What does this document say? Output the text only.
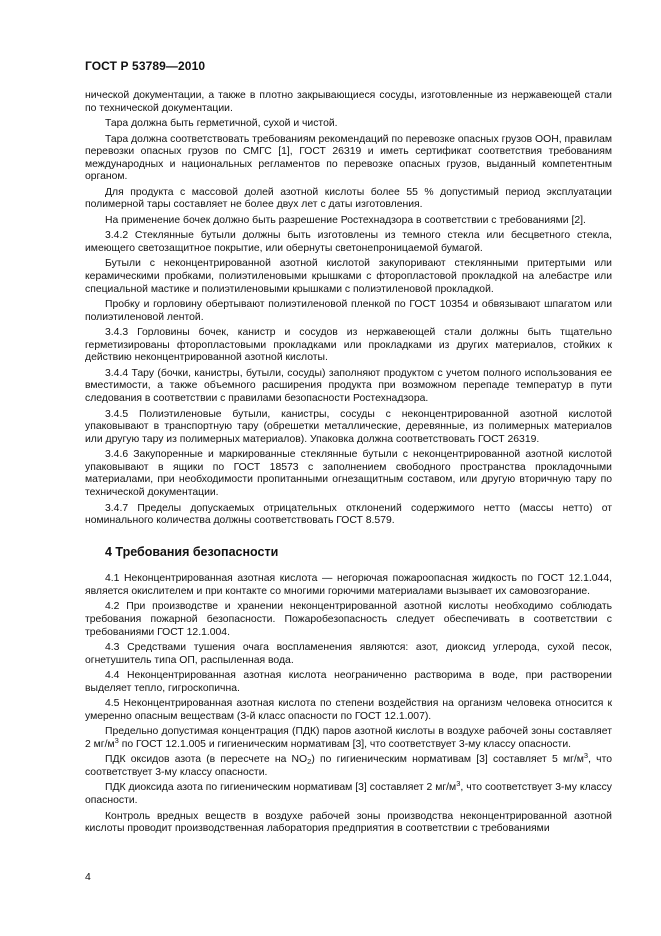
ГОСТ Р 53789—2010

нической документации, а также в плотно закрывающиеся сосуды, изготовленные из нержавеющей стали по технической документации.

Тара должна быть герметичной, сухой и чистой.

Тара должна соответствовать требованиям рекомендаций по перевозке опасных грузов ООН, правилам перевозки опасных грузов по СМГС [1], ГОСТ 26319 и иметь сертификат соответствия требованиям международных и национальных регламентов по перевозке опасных грузов, выданный компетентным органом.

Для продукта с массовой долей азотной кислоты более 55 % допустимый период эксплуатации полимерной тары составляет не более двух лет с даты изготовления.

На применение бочек должно быть разрешение Ростехнадзора в соответствии с требованиями [2].

3.4.2 Стеклянные бутыли должны быть изготовлены из темного стекла или бесцветного стекла, имеющего светозащитное покрытие, или обернуты светонепроницаемой бумагой.

Бутыли с неконцентрированной азотной кислотой закупоривают стеклянными притертыми или керамическими пробками, полиэтиленовыми крышками с фторопластовой прокладкой на алебастре или специальной мастике и полиэтиленовыми крышками с полиэтиленовой прокладкой.

Пробку и горловину обертывают полиэтиленовой пленкой по ГОСТ 10354 и обвязывают шпагатом или полиэтиленовой лентой.

3.4.3 Горловины бочек, канистр и сосудов из нержавеющей стали должны быть тщательно герметизированы фторопластовыми прокладками или прокладками из других материалов, стойких к действию неконцентрированной азотной кислоты.

3.4.4 Тару (бочки, канистры, бутыли, сосуды) заполняют продуктом с учетом полного использования ее вместимости, а также объемного расширения продукта при возможном перепаде температур в пути следования в соответствии с правилами безопасности Ростехнадзора.

3.4.5 Полиэтиленовые бутыли, канистры, сосуды с неконцентрированной азотной кислотой упаковывают в транспортную тару (обрешетки металлические, деревянные, из полимерных материалов или другую тару из полимерных материалов). Упаковка должна соответствовать ГОСТ 26319.

3.4.6 Закупоренные и маркированные стеклянные бутыли с неконцентрированной азотной кислотой упаковывают в ящики по ГОСТ 18573 с заполнением свободного пространства прокладочными материалами, при необходимости пропитанными огнезащитным составом, или другую вторичную тару по технической документации.

3.4.7 Пределы допускаемых отрицательных отклонений содержимого нетто (массы нетто) от номинального количества должны соответствовать ГОСТ 8.579.

4 Требования безопасности

4.1 Неконцентрированная азотная кислота — негорючая пожароопасная жидкость по ГОСТ 12.1.044, является окислителем и при контакте со многими горючими материалами вызывает их самовозгорание.

4.2 При производстве и хранении неконцентрированной азотной кислоты необходимо соблюдать требования пожарной безопасности. Пожаробезопасность следует обеспечивать в соответствии с требованиями ГОСТ 12.1.004.

4.3 Средствами тушения очага воспламенения являются: азот, диоксид углерода, сухой песок, огнетушитель типа ОП, распыленная вода.

4.4 Неконцентрированная азотная кислота неограниченно растворима в воде, при растворении выделяет тепло, гигроскопична.

4.5 Неконцентрированная азотная кислота по степени воздействия на организм человека относится к умеренно опасным веществам (3-й класс опасности по ГОСТ 12.1.007).

Предельно допустимая концентрация (ПДК) паров азотной кислоты в воздухе рабочей зоны составляет 2 $мг/м^3$ по ГОСТ 12.1.005 и гигиеническим нормативам [3], что соответствует 3-му классу опасности.

ПДК оксидов азота (в пересчете на $NO_2$) по гигиеническим нормативам [3] составляет 5 $мг/м^3$, что соответствует 3-му классу опасности.

ПДК диоксида азота по гигиеническим нормативам [3] составляет 2 $мг/м^3$, что соответствует 3-му классу опасности.

Контроль вредных веществ в воздухе рабочей зоны производства неконцентрированной азотной кислоты проводит производственная лаборатория предприятия в соответствии с требованиями

4
